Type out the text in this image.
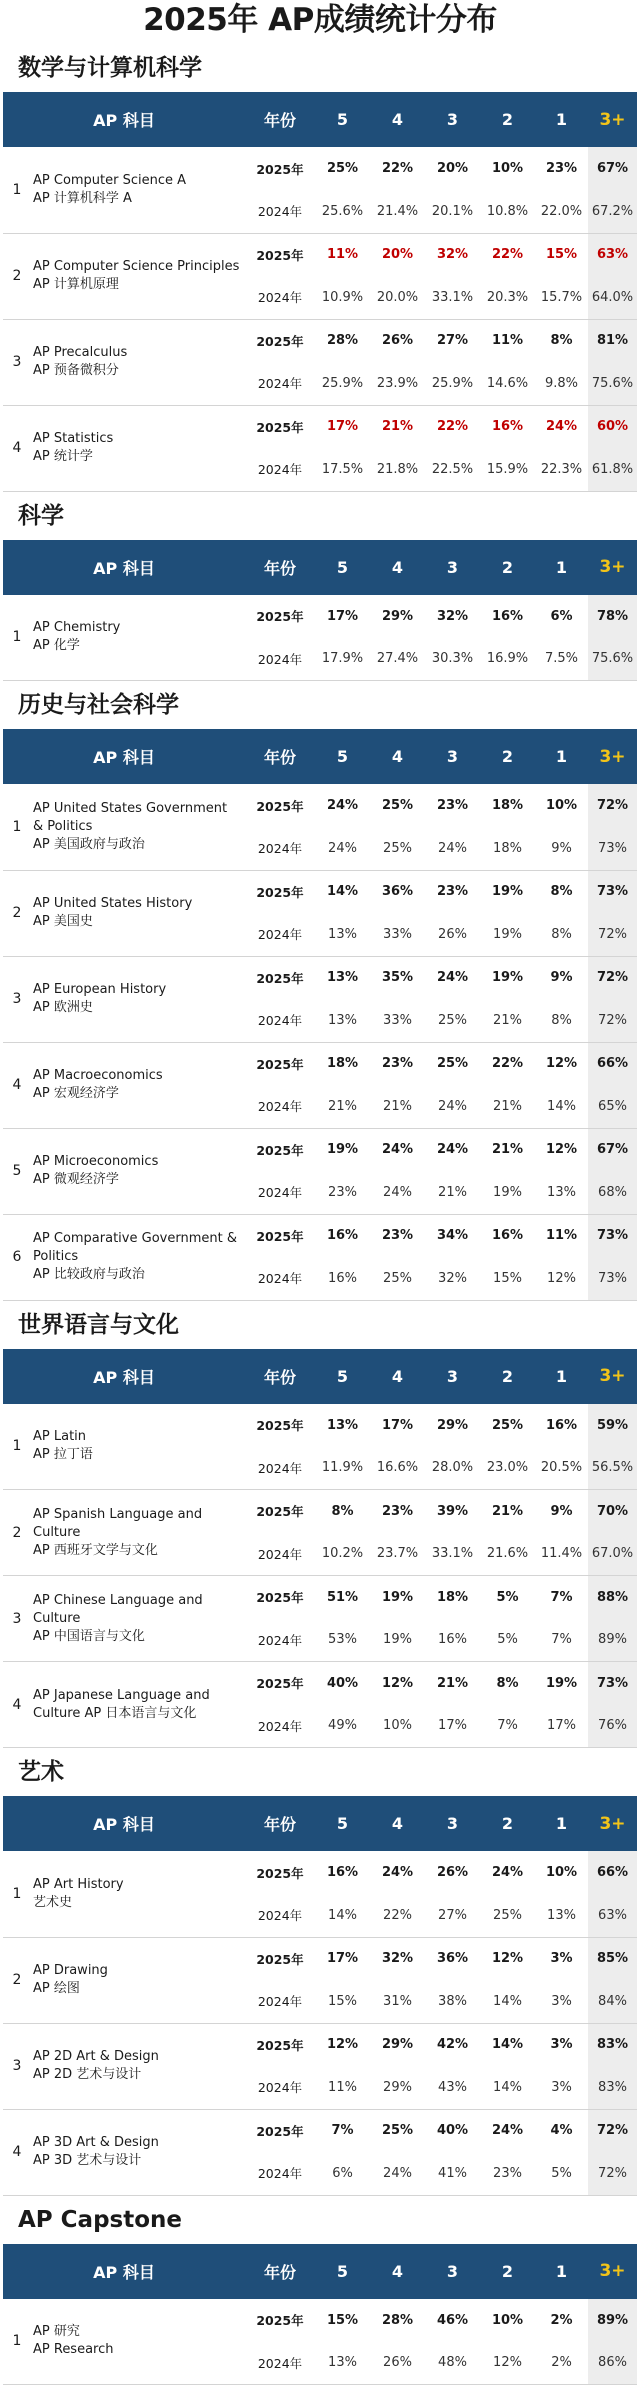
2025年 AP成绩统计分布
数学与计算机科学
AP 科目		年份	5	4	3	2	1	3+
1	AP Computer Science A
AP 计算机科学 A	2025年	25%	22%	20%	10%	23%	67%
		2024年	25.6%	21.4%	20.1%	10.8%	22.0%	67.2%
2	AP Computer Science Principles
AP 计算机原理	2025年	11%	20%	32%	22%	15%	63%
		2024年	10.9%	20.0%	33.1%	20.3%	15.7%	64.0%
3	AP Precalculus
AP 预备微积分	2025年	28%	26%	27%	11%	8%	81%
		2024年	25.9%	23.9%	25.9%	14.6%	9.8%	75.6%
4	AP Statistics
AP 统计学	2025年	17%	21%	22%	16%	24%	60%
		2024年	17.5%	21.8%	22.5%	15.9%	22.3%	61.8%
科学
AP 科目		年份	5	4	3	2	1	3+
1	AP Chemistry
AP 化学	2025年	17%	29%	32%	16%	6%	78%
		2024年	17.9%	27.4%	30.3%	16.9%	7.5%	75.6%
历史与社会科学
AP 科目		年份	5	4	3	2	1	3+
1	AP United States Government & Politics
AP 美国政府与政治	2025年	24%	25%	23%	18%	10%	72%
		2024年	24%	25%	24%	18%	9%	73%
2	AP United States History
AP 美国史	2025年	14%	36%	23%	19%	8%	73%
		2024年	13%	33%	26%	19%	8%	72%
3	AP European History
AP 欧洲史	2025年	13%	35%	24%	19%	9%	72%
		2024年	13%	33%	25%	21%	8%	72%
4	AP Macroeconomics
AP 宏观经济学	2025年	18%	23%	25%	22%	12%	66%
		2024年	21%	21%	24%	21%	14%	65%
5	AP Microeconomics
AP 微观经济学	2025年	19%	24%	24%	21%	12%	67%
		2024年	23%	24%	21%	19%	13%	68%
6	AP Comparative Government & Politics
AP 比较政府与政治	2025年	16%	23%	34%	16%	11%	73%
		2024年	16%	25%	32%	15%	12%	73%
世界语言与文化
AP 科目		年份	5	4	3	2	1	3+
1	AP Latin
AP 拉丁语	2025年	13%	17%	29%	25%	16%	59%
		2024年	11.9%	16.6%	28.0%	23.0%	20.5%	56.5%
2	AP Spanish Language and Culture
AP 西班牙文学与文化	2025年	8%	23%	39%	21%	9%	70%
		2024年	10.2%	23.7%	33.1%	21.6%	11.4%	67.0%
3	AP Chinese Language and Culture
AP 中国语言与文化	2025年	51%	19%	18%	5%	7%	88%
		2024年	53%	19%	16%	5%	7%	89%
4	AP Japanese Language and Culture AP 日本语言与文化	2025年	40%	12%	21%	8%	19%	73%
		2024年	49%	10%	17%	7%	17%	76%
艺术
AP 科目		年份	5	4	3	2	1	3+
1	AP Art History
艺术史	2025年	16%	24%	26%	24%	10%	66%
		2024年	14%	22%	27%	25%	13%	63%
2	AP Drawing
AP 绘图	2025年	17%	32%	36%	12%	3%	85%
		2024年	15%	31%	38%	14%	3%	84%
3	AP 2D Art & Design
AP 2D 艺术与设计	2025年	12%	29%	42%	14%	3%	83%
		2024年	11%	29%	43%	14%	3%	83%
4	AP 3D Art & Design
AP 3D 艺术与设计	2025年	7%	25%	40%	24%	4%	72%
		2024年	6%	24%	41%	23%	5%	72%
AP Capstone
AP 科目		年份	5	4	3	2	1	3+
1	AP 研究
AP Research	2025年	15%	28%	46%	10%	2%	89%
		2024年	13%	26%	48%	12%	2%	86%
